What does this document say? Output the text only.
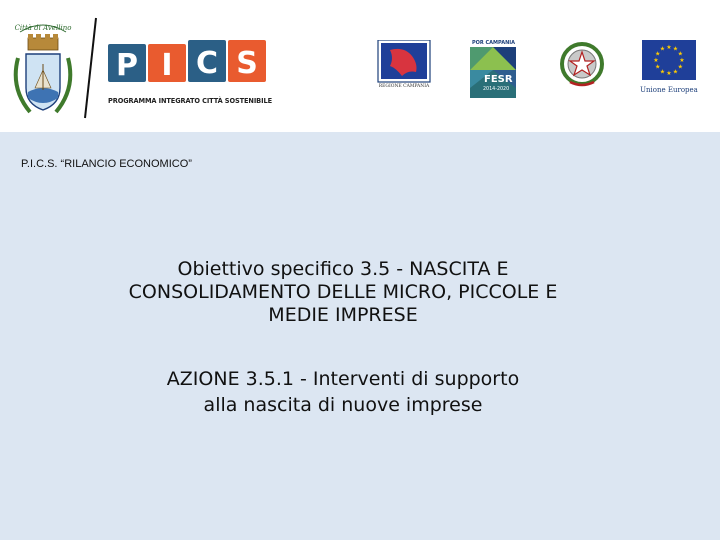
Città di Avellino
P I C S
PROGRAMMA INTEGRATO CITTÀ SOSTENIBILE
REGIONE CAMPANIA
POR CAMPANIA
FESR
2014-2020
★ ★
★
★
★
★
★
★
★
★
★
★
Unione Europea
P.I.C.S. “RILANCIO ECONOMICO”
Obiettivo specifico 3.5 - NASCITA E
CONSOLIDAMENTO DELLE MICRO, PICCOLE E
MEDIE IMPRESE
AZIONE 3.5.1 - Interventi di supporto
alla nascita di nuove imprese
